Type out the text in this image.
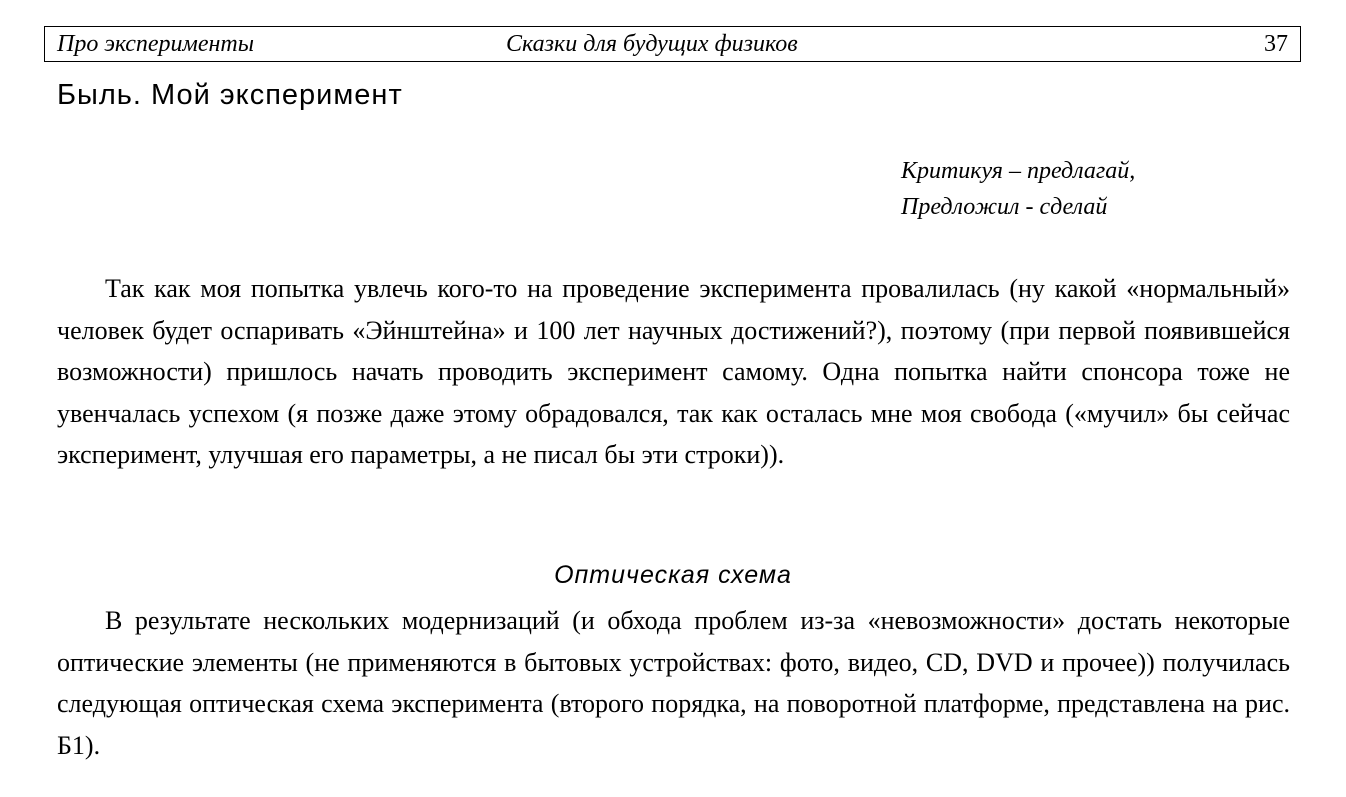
Про эксперименты	Сказки для будущих физиков	37
Быль. Мой эксперимент
Критикуя – предлагай,
Предложил - сделай
Так как моя попытка увлечь кого-то на проведение эксперимента провалилась (ну какой «нормальный» человек будет оспаривать «Эйнштейна» и 100 лет научных достижений?), поэтому (при первой появившейся возможности) пришлось начать проводить эксперимент самому. Одна попытка найти спонсора тоже не увенчалась успехом (я позже даже этому обрадовался, так как осталась мне моя свобода («мучил» бы сейчас эксперимент, улучшая его параметры, а не писал бы эти строки)).
Оптическая схема
В результате нескольких модернизаций (и обхода проблем из-за «невозможности» достать некоторые оптические элементы (не применяются в бытовых устройствах: фото, видео, CD, DVD и прочее)) получилась следующая оптическая схема эксперимента (второго порядка, на поворотной платформе, представлена на рис. Б1).
